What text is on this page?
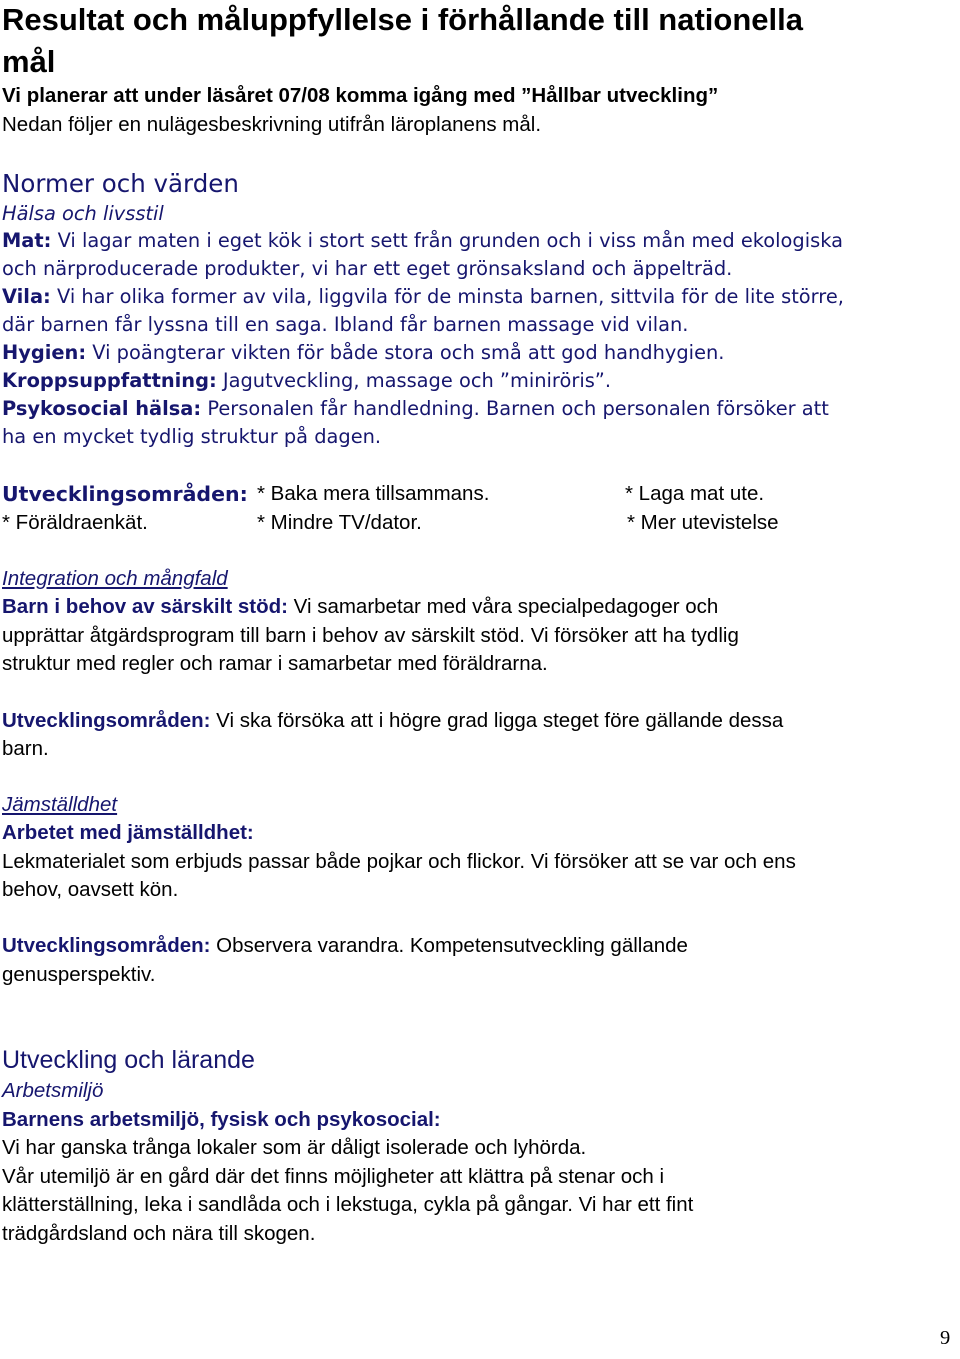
Resultat och måluppfyllelse i förhållande till nationella
mål
Vi planerar att under läsåret 07/08 komma igång med ”Hållbar utveckling”
Nedan följer en nulägesbeskrivning utifrån läroplanens mål.
Normer och värden
Hälsa och livsstil
Mat: Vi lagar maten i eget kök i stort sett från grunden och i viss mån med ekologiska
och närproducerade produkter, vi har ett eget grönsaksland och äppelträd.
Vila: Vi har olika former av vila, liggvila för de minsta barnen, sittvila för de lite större,
där barnen får lyssna till en saga. Ibland får barnen massage vid vilan.
Hygien: Vi poängterar vikten för både stora och små att god handhygien.
Kroppsuppfattning: Jagutveckling, massage och ”miniröris”.
Psykosocial hälsa: Personalen får handledning. Barnen och personalen försöker att
ha en mycket tydlig struktur på dagen.
Utvecklingsområden: * Baka mera tillsammans.	* Laga mat ute.
* Föräldraenkät.	* Mindre TV/dator.	* Mer utevistelse
Integration och mångfald
Barn i behov av särskilt stöd: Vi samarbetar med våra specialpedagoger och
upprättar åtgärdsprogram till barn i behov av särskilt stöd. Vi försöker att ha tydlig
struktur med regler och ramar i samarbetar med föräldrarna.
Utvecklingsområden: Vi ska försöka att i högre grad ligga steget före gällande dessa
barn.
Jämställdhet
Arbetet med jämställdhet:
Lekmaterialet som erbjuds passar både pojkar och flickor. Vi försöker att se var och ens
behov, oavsett kön.
Utvecklingsområden: Observera varandra. Kompetensutveckling gällande
genusperspektiv.
Utveckling och lärande
Arbetsmiljö
Barnens arbetsmiljö, fysisk och psykosocial:
Vi har ganska trånga lokaler som är dåligt isolerade och lyhörda.
Vår utemiljö är en gård där det finns möjligheter att klättra på stenar och i
klätterställning, leka i sandlåda och i lekstuga, cykla på gångar. Vi har ett fint
trädgårdsland och nära till skogen.
9
